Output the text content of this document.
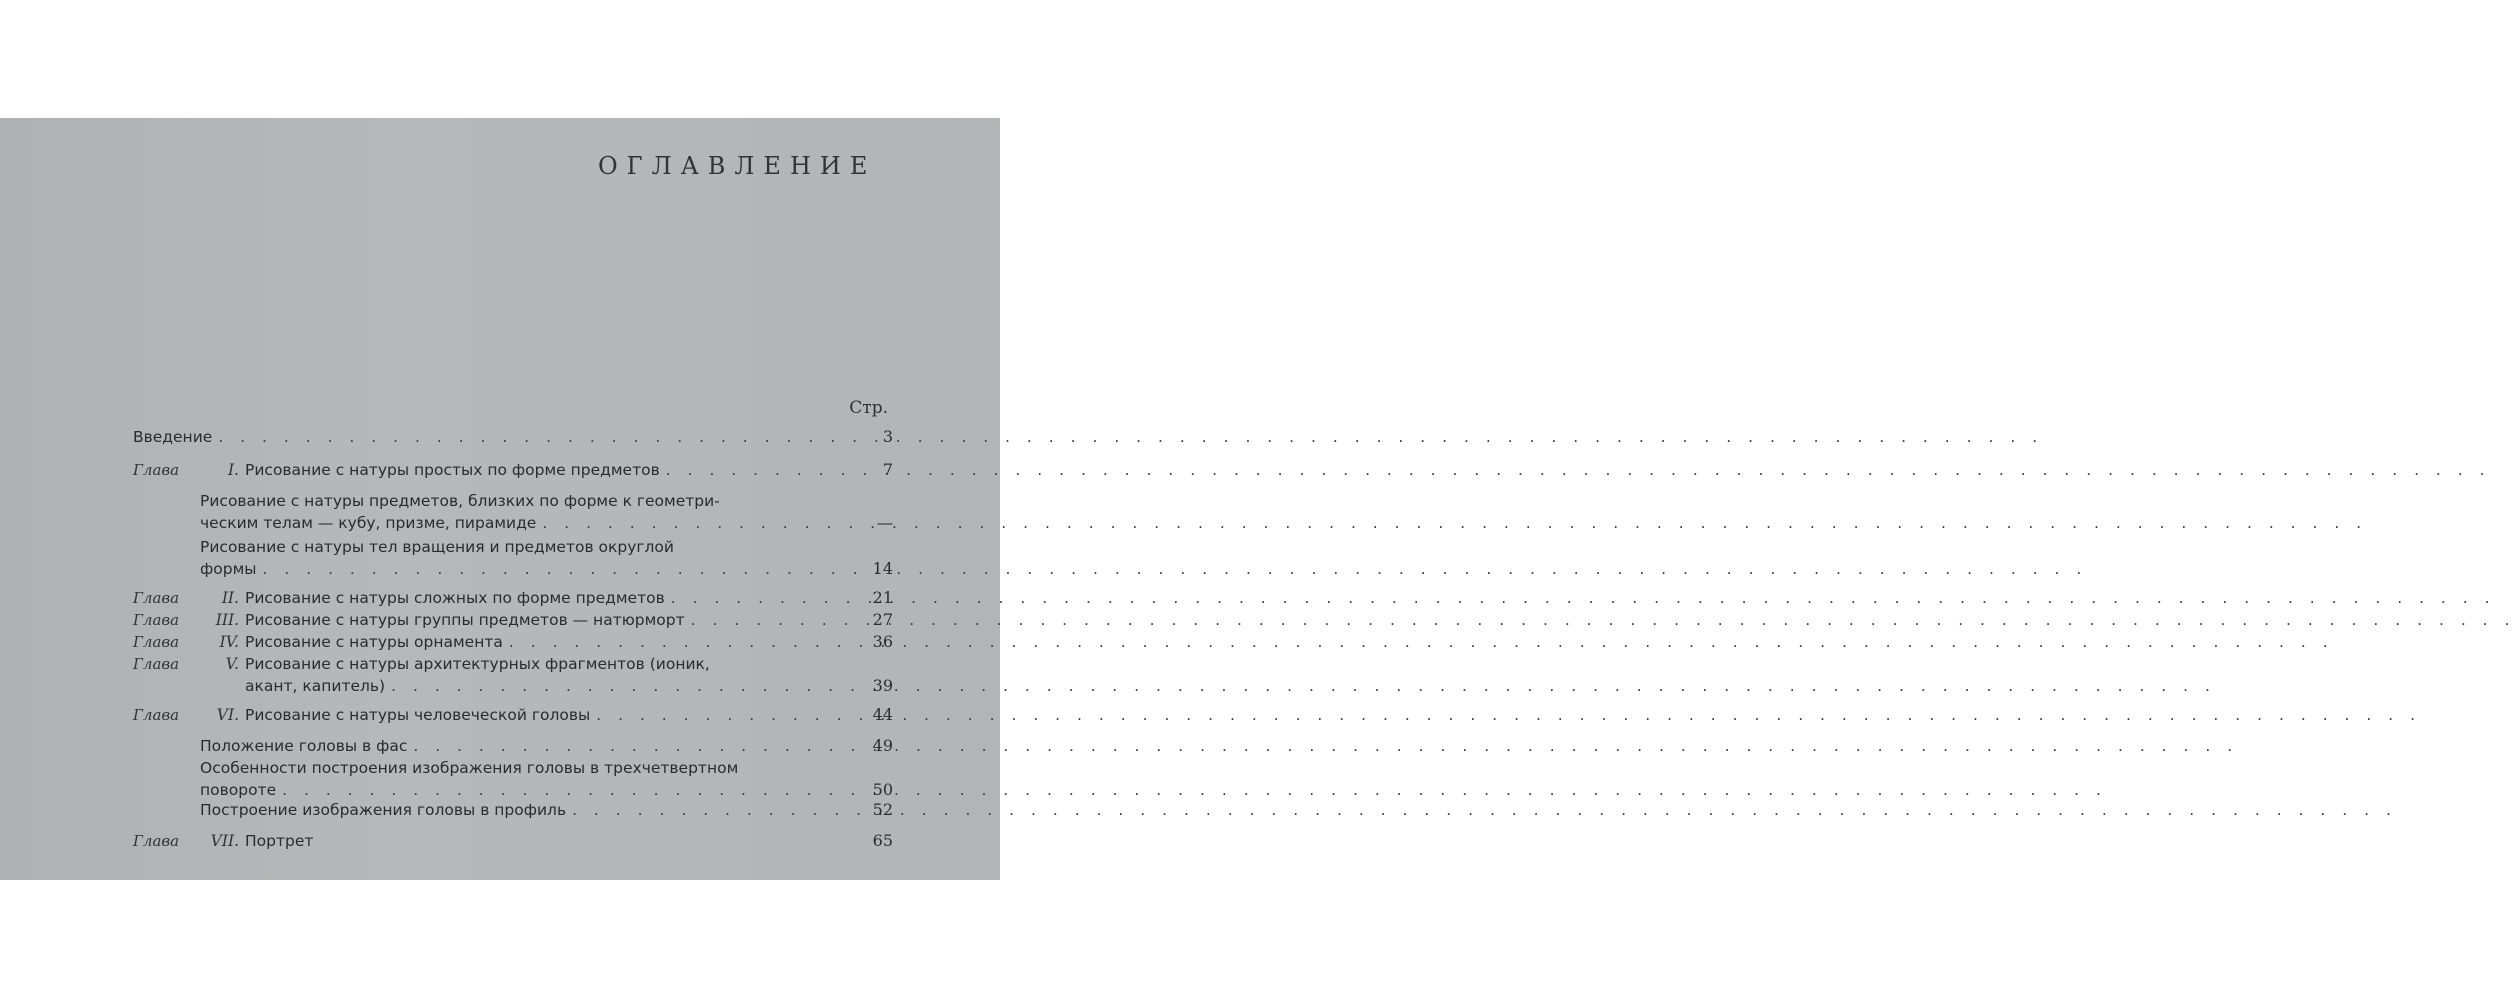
ОГЛАВЛЕНИЕ
Стр.
Введение . . .	3
Глава	I. Рисование с натуры простых по форме предметов . . .	7
Рисование с натуры предметов, близких по форме к геометри-
ческим телам — кубу, призме, пирамиде . . .	—
Рисование с натуры тел вращения и предметов округлой
формы . . .	14
Глава	II. Рисование с натуры сложных по форме предметов . . .	21
Глава	III. Рисование с натуры группы предметов — натюрморт . . .	27
Глава	IV. Рисование с натуры орнамента . . .	36
Глава	V. Рисование с натуры архитектурных фрагментов (ионик,
акант, капитель) . . .	39
Глава	VI. Рисование с натуры человеческой головы . . .	44
Положение головы в фас . . .	49
Особенности построения изображения головы в трехчетвертном
повороте . . .	50
Построение изображения головы в профиль . . .	52
Глава	VII. Портрет	65
